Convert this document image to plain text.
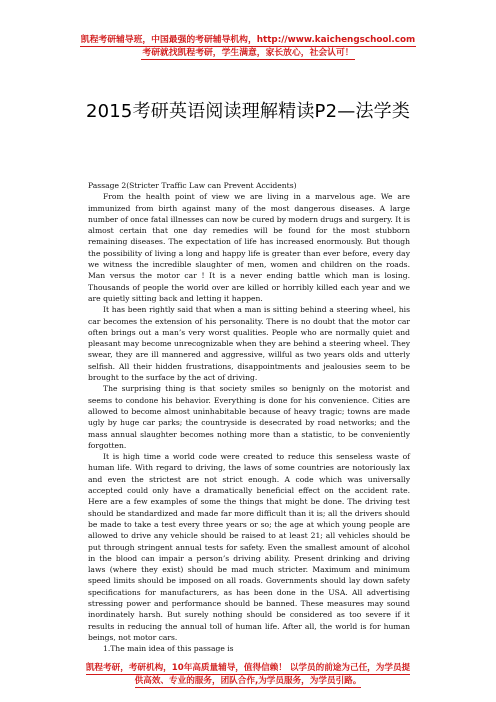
凯程考研辅导班，中国最强的考研辅导机构，http://www.kaichengschool.com
考研就找凯程考研，学生满意，家长放心，社会认可！
2015考研英语阅读理解精读P2—法学类

Passage 2(Stricter Traffic Law can Prevent Accidents)

From the health point of view we are living in a marvelous age. We are immunized from birth against many of the most dangerous diseases. A large number of once fatal illnesses can now be cured by modern drugs and surgery. It is almost certain that one day remedies will be found for the most stubborn remaining diseases. The expectation of life has increased enormously. But though the possibility of living a long and happy life is greater than ever before, every day we witness the incredible slaughter of men, women and children on the roads. Man versus the motor car ! It is a never ending battle which man is losing. Thousands of people the world over are killed or horribly killed each year and we are quietly sitting back and letting it happen.

It has been rightly said that when a man is sitting behind a steering wheel, his car becomes the extension of his personality. There is no doubt that the motor car often brings out a man’s very worst qualities. People who are normally quiet and pleasant may become unrecognizable when they are behind a steering wheel. They swear, they are ill mannered and aggressive, willful as two years olds and utterly selfish. All their hidden frustrations, disappointments and jealousies seem to be brought to the surface by the act of driving.

The surprising thing is that society smiles so benignly on the motorist and seems to condone his behavior. Everything is done for his convenience. Cities are allowed to become almost uninhabitable because of heavy tragic; towns are made ugly by huge car parks; the countryside is desecrated by road networks; and the mass annual slaughter becomes nothing more than a statistic, to be conveniently forgotten.

It is high time a world code were created to reduce this senseless waste of human life. With regard to driving, the laws of some countries are notoriously lax and even the strictest are not strict enough. A code which was universally accepted could only have a dramatically beneficial effect on the accident rate. Here are a few examples of some the things that might be done. The driving test should be standardized and made far more difficult than it is; all the drivers should be made to take a test every three years or so; the age at which young people are allowed to drive any vehicle should be raised to at least 21; all vehicles should be put through stringent annual tests for safety. Even the smallest amount of alcohol in the blood can impair a person’s driving ability. Present drinking and driving laws (where they exist) should be mad much stricter. Maximum and minimum speed limits should be imposed on all roads. Governments should lay down safety specifications for manufacturers, as has been done in the USA. All advertising stressing power and performance should be banned. These measures may sound inordinately harsh. But surely nothing should be considered as too severe if it results in reducing the annual toll of human life. After all, the world is for human beings, not motor cars.

1.The main idea of this passage is

凯程考研，考研机构，10年高质量辅导，值得信赖！ 以学员的前途为己任，为学员提
供高效、专业的服务，团队合作,为学员服务，为学员引路。
